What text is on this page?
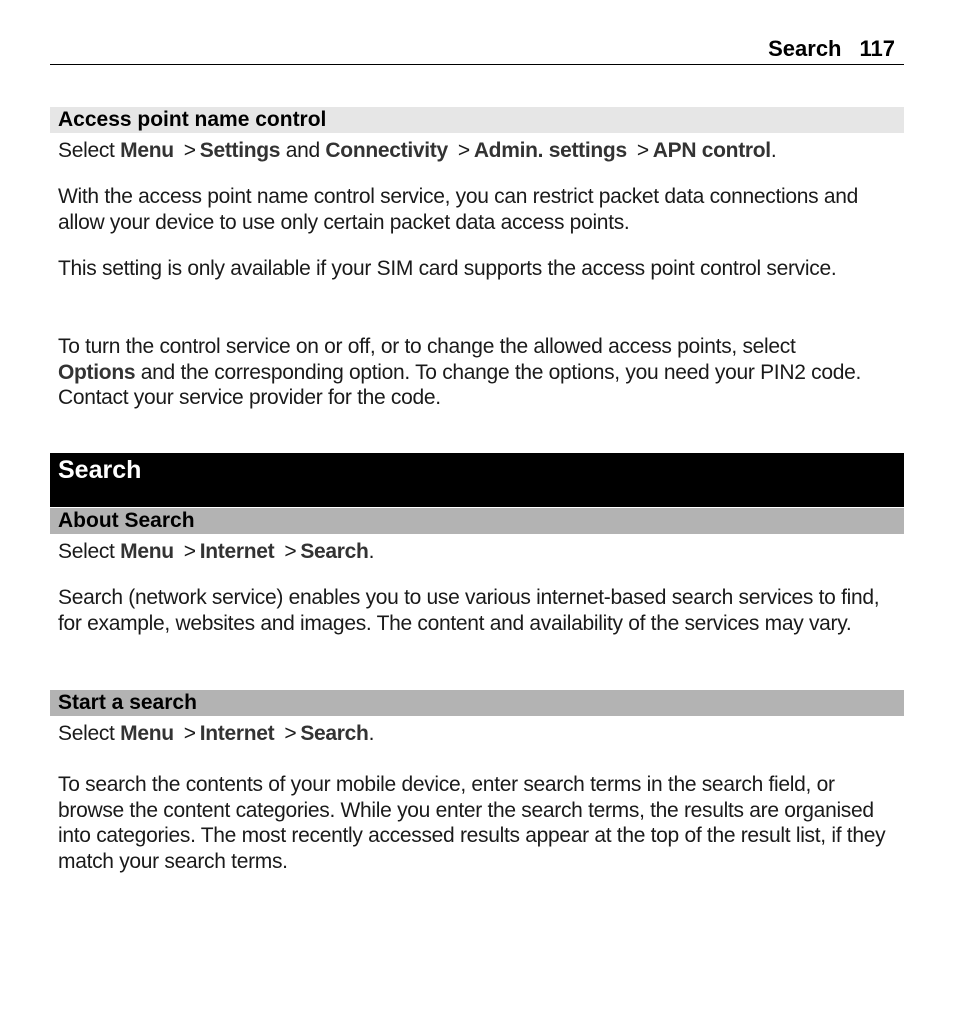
Search 117
Access point name control

Select Menu > Settings and Connectivity > Admin. settings > APN control.

With the access point name control service, you can restrict packet data connections and allow your device to use only certain packet data access points.

This setting is only available if your SIM card supports the access point control service.

To turn the control service on or off, or to change the allowed access points, select
Options and the corresponding option. To change the options, you need your PIN2 code. Contact your service provider for the code.

Search
About Search

Select Menu > Internet > Search.

Search (network service) enables you to use various internet-based search services to find, for example, websites and images. The content and availability of the services may vary.

Start a search

Select Menu > Internet > Search.

To search the contents of your mobile device, enter search terms in the search field, or browse the content categories. While you enter the search terms, the results are organised into categories. The most recently accessed results appear at the top of the result list, if they match your search terms.
